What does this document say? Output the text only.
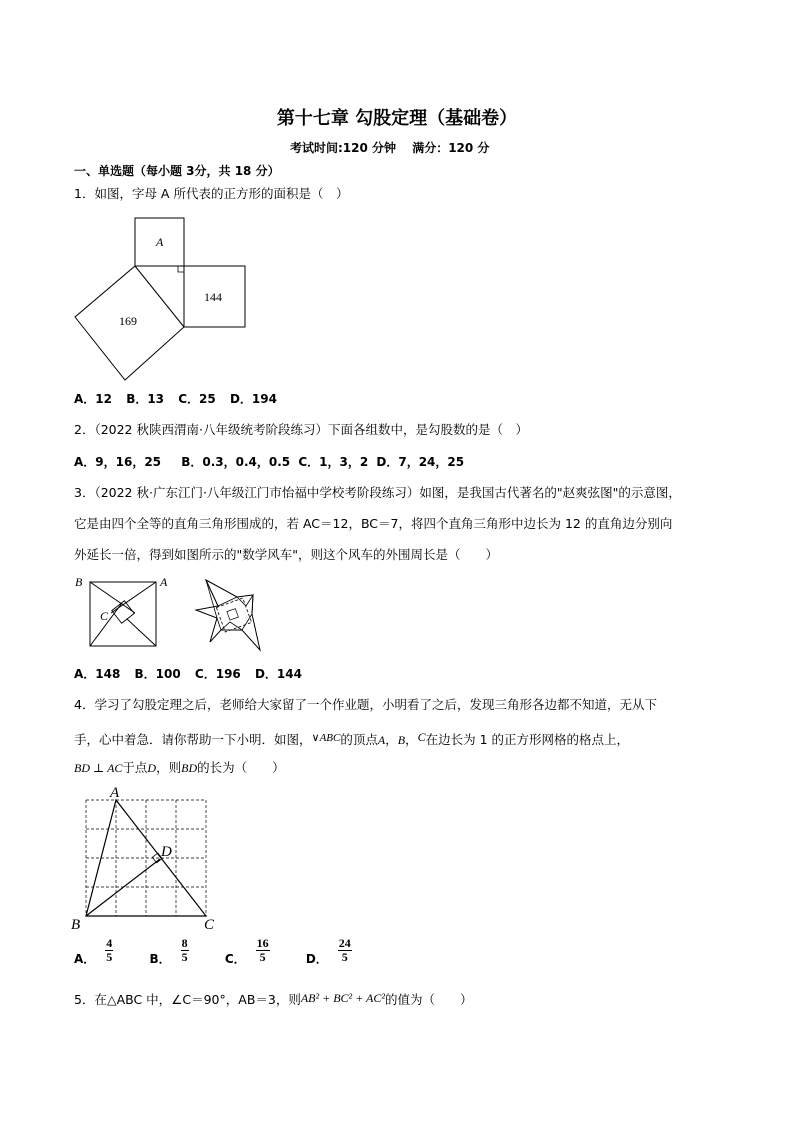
第十七章 勾股定理（基础卷）
考试时间:120 分钟　 满分：120 分
一、单选题（每小题 3分，共 18 分）
1．如图，字母 A 所代表的正方形的面积是（　）
A
169
144
A．12 B．13 C．25 D．194
2．（2022 秋陕西渭南·八年级统考阶段练习）下面各组数中，是勾股数的是（　）
A．9，16，25 B．0.3，0.4，0.5 C．1，3，2 D．7，24，25
3．（2022 秋·广东江门·八年级江门市怡福中学校考阶段练习）如图，是我国古代著名的"赵爽弦图"的示意图，
它是由四个全等的直角三角形围成的，若 AC＝12，BC＝7，将四个直角三角形中边长为 12 的直角边分别向
外延长一倍，得到如图所示的"数学风车"，则这个风车的外围周长是（　　）
B	A
C
A．148 B．100 C．196 D．144
4．学习了勾股定理之后，老师给大家留了一个作业题，小明看了之后，发现三角形各边都不知道，无从下
手，心中着急．请你帮助一下小明．如图，∨ABC的顶点A，B，C在边长为 1 的正方形网格的格点上，
BD ⊥ AC于点D，则BD的长为（　　）
A
B	C
D
A． $\frac{4}{5}$ B． $\frac{8}{5}$ C． $\frac{16}{5}$ D． $\frac{24}{5}$
5．在△ABC 中，∠C＝90°，AB＝3，则AB² + BC² + AC²的值为（　　）
